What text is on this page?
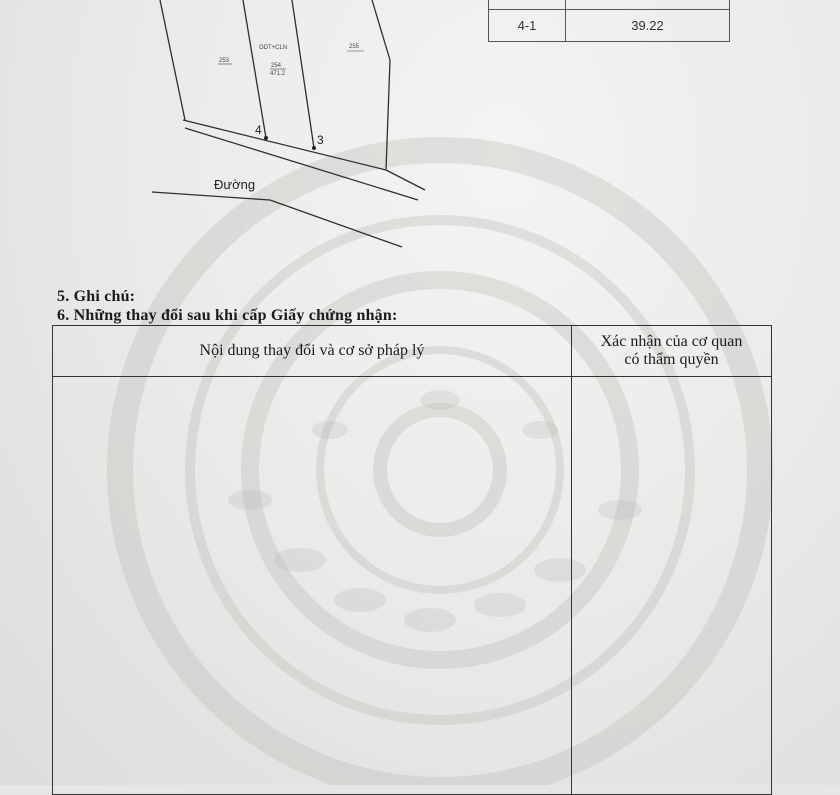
ODT+CLN
254
471.2
253
255
4
3
Đường

4-1	39.22
5. Ghi chú:
6. Những thay đổi sau khi cấp Giấy chứng nhận:
Nội dung thay đổi và cơ sở pháp lý	Xác nhận của cơ quan
có thẩm quyền
